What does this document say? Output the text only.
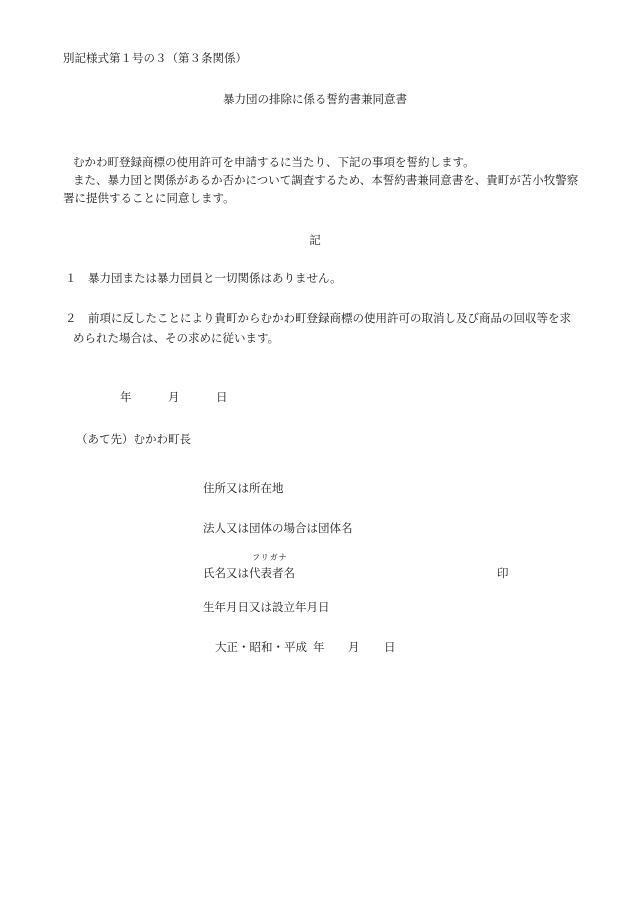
別記様式第１号の３（第３条関係）
暴力団の排除に係る誓約書兼同意書
むかわ町登録商標の使用許可を申請するに当たり、下記の事項を誓約します。
また、暴力団と関係があるか否かについて調査するため、本誓約書兼同意書を、貴町が苫小牧警察
署に提供することに同意します。
記
１ 暴力団または暴力団員と一切関係はありません。
２ 前項に反したことにより貴町からむかわ町登録商標の使用許可の取消し及び商品の回収等を求
められた場合は、その求めに従います。
年	月	日
（あて先）むかわ町長
住所又は所在地
法人又は団体の場合は団体名
フリガナ
氏名又は代表者名	印
生年月日又は設立年月日
大正・昭和・平成 年 月 日
